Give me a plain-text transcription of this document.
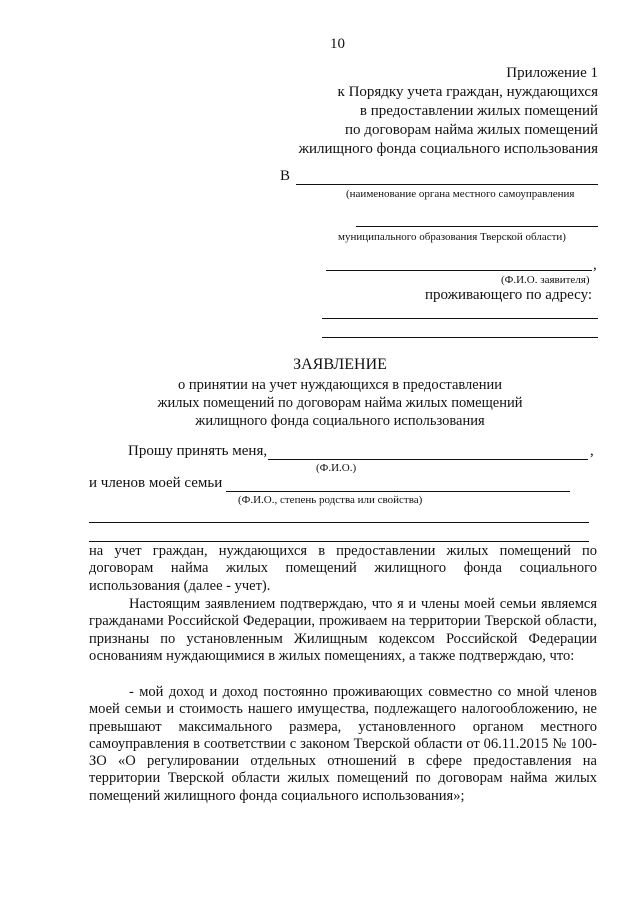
10
Приложение 1
к Порядку учета граждан, нуждающихся
в предоставлении жилых помещений
по договорам найма жилых помещений
жилищного фонда социального использования
В
(наименование органа местного самоуправления
муниципального образования Тверской области)
,
(Ф.И.О. заявителя)
проживающего по адресу:
ЗАЯВЛЕНИЕ
о принятии на учет нуждающихся в предоставлении
жилых помещений по договорам найма жилых помещений
жилищного фонда социального использования
Прошу принять меня,	,
(Ф.И.О.)
и членов моей семьи
(Ф.И.О., степень родства или свойства)
на учет граждан, нуждающихся в предоставлении жилых помещений по договорам найма жилых помещений жилищного фонда социального использования (далее - учет).
Настоящим заявлением подтверждаю, что я и члены моей семьи являемся гражданами Российской Федерации, проживаем на территории Тверской области, признаны по установленным Жилищным кодексом Российской Федерации основаниям нуждающимися в жилых помещениях, а также подтверждаю, что:
- мой доход и доход постоянно проживающих совместно со мной членов моей семьи и стоимость нашего имущества, подлежащего налогообложению, не превышают максимального размера, установленного органом местного самоуправления в соответствии с законом Тверской области от 06.11.2015 № 100-ЗО «О регулировании отдельных отношений в сфере предоставления на территории Тверской области жилых помещений по договорам найма жилых помещений жилищного фонда социального использования»;
